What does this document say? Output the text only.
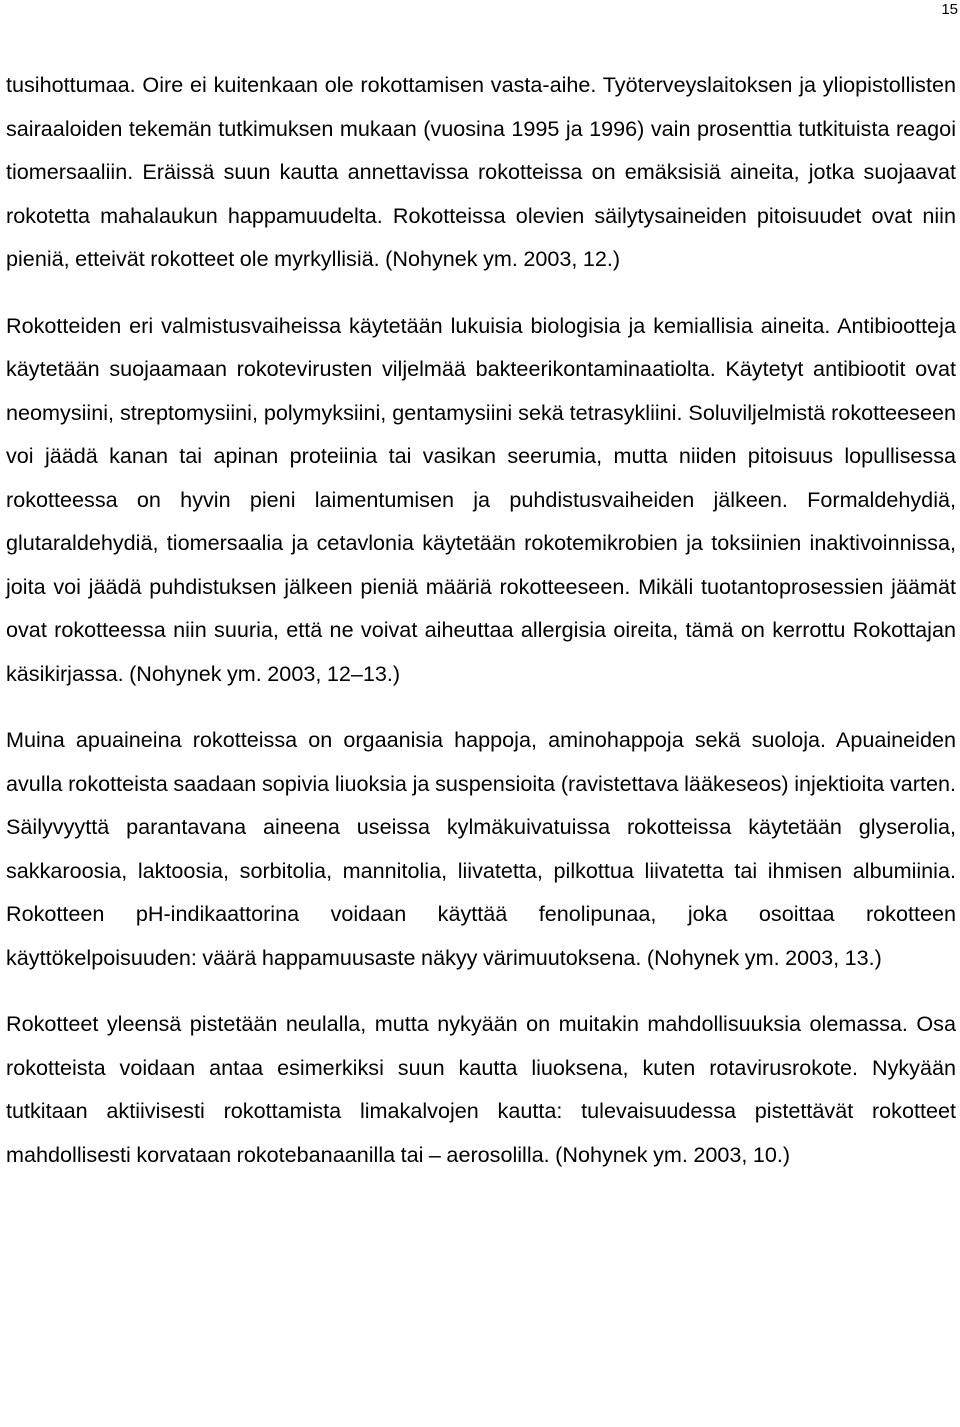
15

tusihottumaa. Oire ei kuitenkaan ole rokottamisen vasta-aihe. Työterveyslaitoksen ja yliopistollisten sairaaloiden tekemän tutkimuksen mukaan (vuosina 1995 ja 1996) vain prosenttia tutkituista reagoi tiomersaaliin. Eräissä suun kautta annettavissa rokotteissa on emäksisiä aineita, jotka suojaavat rokotetta mahalaukun happamuudelta. Rokotteissa olevien säilytysaineiden pitoisuudet ovat niin pieniä, etteivät rokotteet ole myrkyllisiä. (Nohynek ym. 2003, 12.)

Rokotteiden eri valmistusvaiheissa käytetään lukuisia biologisia ja kemiallisia aineita. Antibiootteja käytetään suojaamaan rokotevirusten viljelmää bakteerikontaminaatiolta. Käytetyt antibiootit ovat neomysiini, streptomysiini, polymyksiini, gentamysiini sekä tetrasykliini. Soluviljelmistä rokotteeseen voi jäädä kanan tai apinan proteiinia tai vasikan seerumia, mutta niiden pitoisuus lopullisessa rokotteessa on hyvin pieni laimentumisen ja puhdistusvaiheiden jälkeen. Formaldehydiä, glutaraldehydiä, tiomersaalia ja cetavlonia käytetään rokotemikrobien ja toksiinien inaktivoinnissa, joita voi jäädä puhdistuksen jälkeen pieniä määriä rokotteeseen. Mikäli tuotantoprosessien jäämät ovat rokotteessa niin suuria, että ne voivat aiheuttaa allergisia oireita, tämä on kerrottu Rokottajan käsikirjassa. (Nohynek ym. 2003, 12–13.)

Muina apuaineina rokotteissa on orgaanisia happoja, aminohappoja sekä suoloja. Apuaineiden avulla rokotteista saadaan sopivia liuoksia ja suspensioita (ravistettava lääkeseos) injektioita varten. Säilyvyyttä parantavana aineena useissa kylmäkuivatuissa rokotteissa käytetään glyserolia, sakkaroosia, laktoosia, sorbitolia, mannitolia, liivatetta, pilkottua liivatetta tai ihmisen albumiinia. Rokotteen pH-indikaattorina voidaan käyttää fenolipunaa, joka osoittaa rokotteen käyttökelpoisuuden: väärä happamuusaste näkyy värimuutoksena. (Nohynek ym. 2003, 13.)

Rokotteet yleensä pistetään neulalla, mutta nykyään on muitakin mahdollisuuksia olemassa. Osa rokotteista voidaan antaa esimerkiksi suun kautta liuoksena, kuten rotavirusrokote. Nykyään tutkitaan aktiivisesti rokottamista limakalvojen kautta: tulevaisuudessa pistettävät rokotteet mahdollisesti korvataan rokotebanaanilla tai – aerosolilla. (Nohynek ym. 2003, 10.)
